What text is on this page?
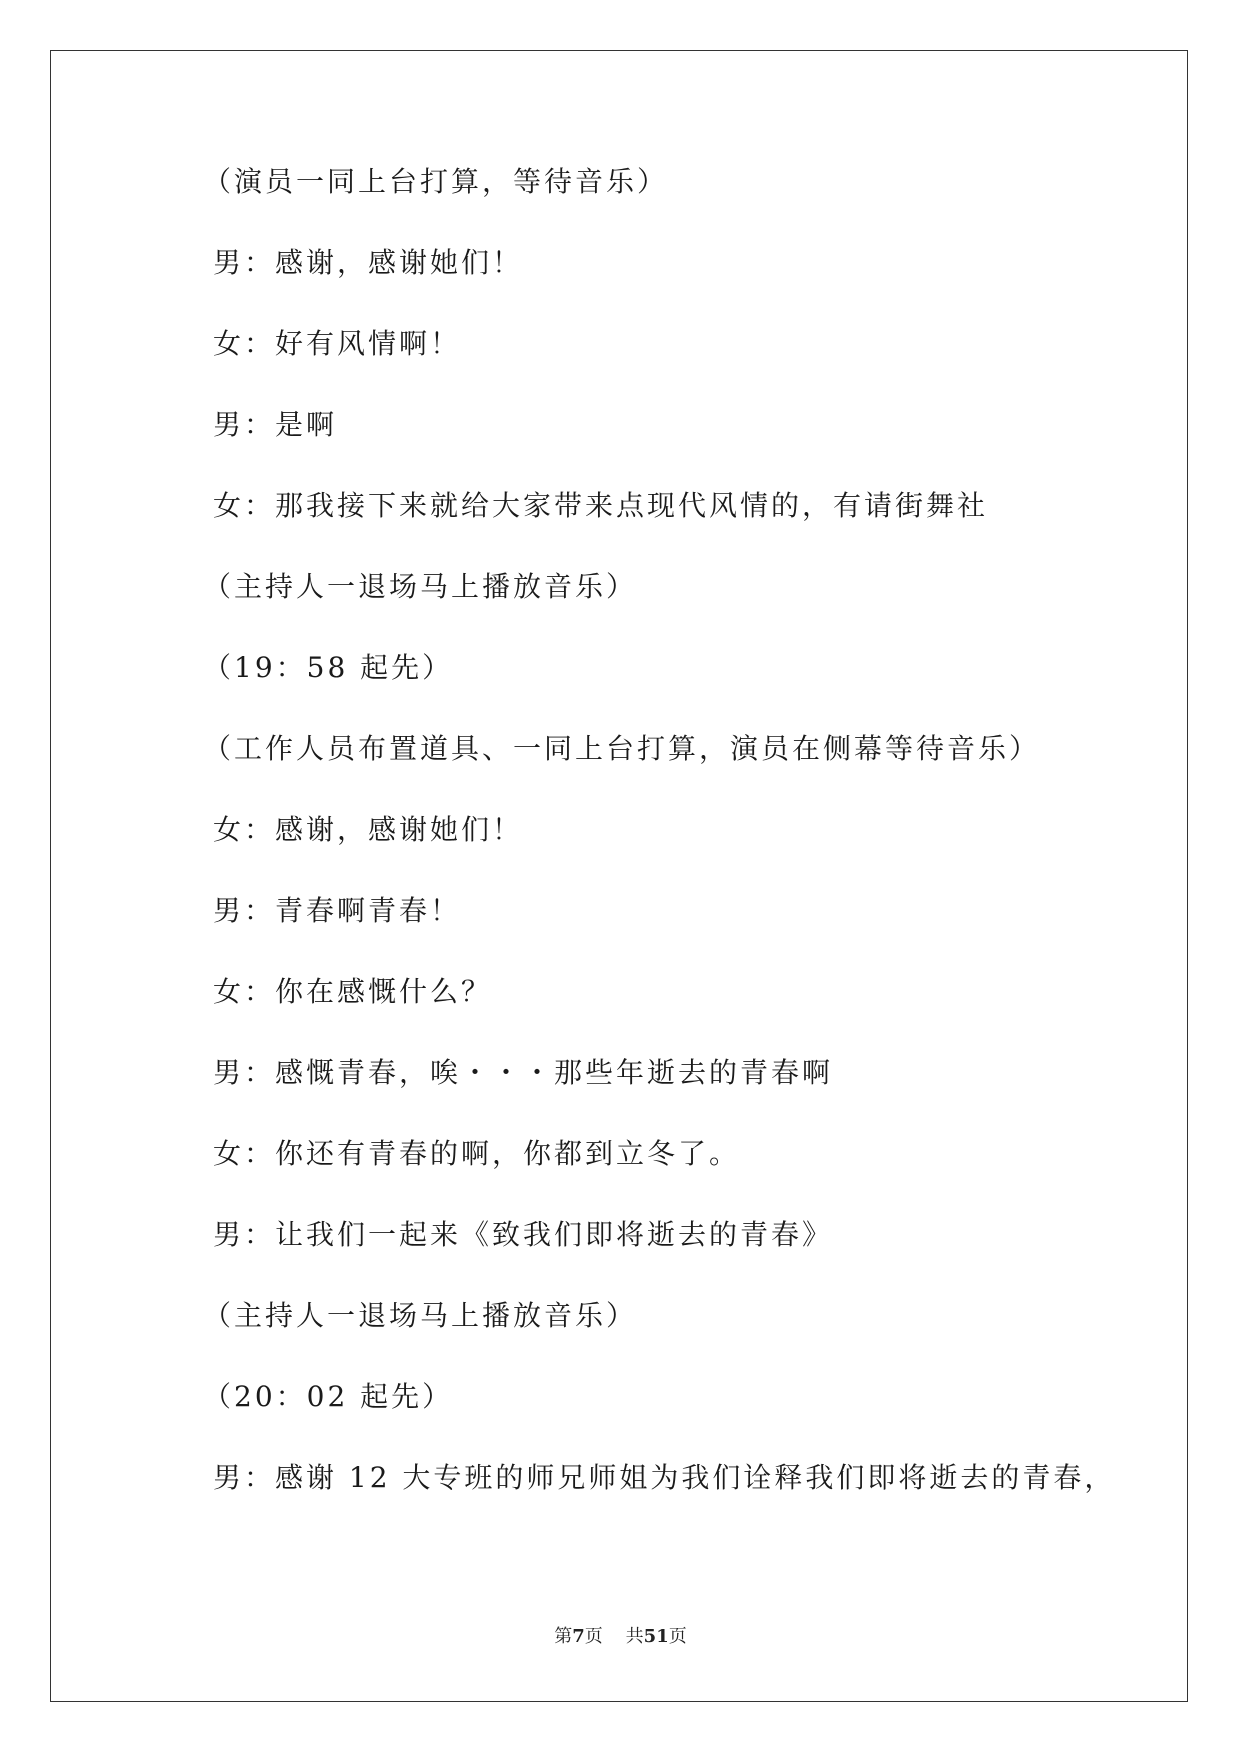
（演员一同上台打算，等待音乐）
男：感谢，感谢她们！
女：好有风情啊！
男：是啊
女：那我接下来就给大家带来点现代风情的，有请街舞社
（主持人一退场马上播放音乐）
（19：58 起先）
（工作人员布置道具、一同上台打算，演员在侧幕等待音乐）
女：感谢，感谢她们！
男：青春啊青春！
女：你在感慨什么？
男：感慨青春，唉・・・那些年逝去的青春啊
女：你还有青春的啊，你都到立冬了。
男：让我们一起来《致我们即将逝去的青春》
（主持人一退场马上播放音乐）
（20：02 起先）
男：感谢 12 大专班的师兄师姐为我们诠释我们即将逝去的青春，
第7页 共51页
